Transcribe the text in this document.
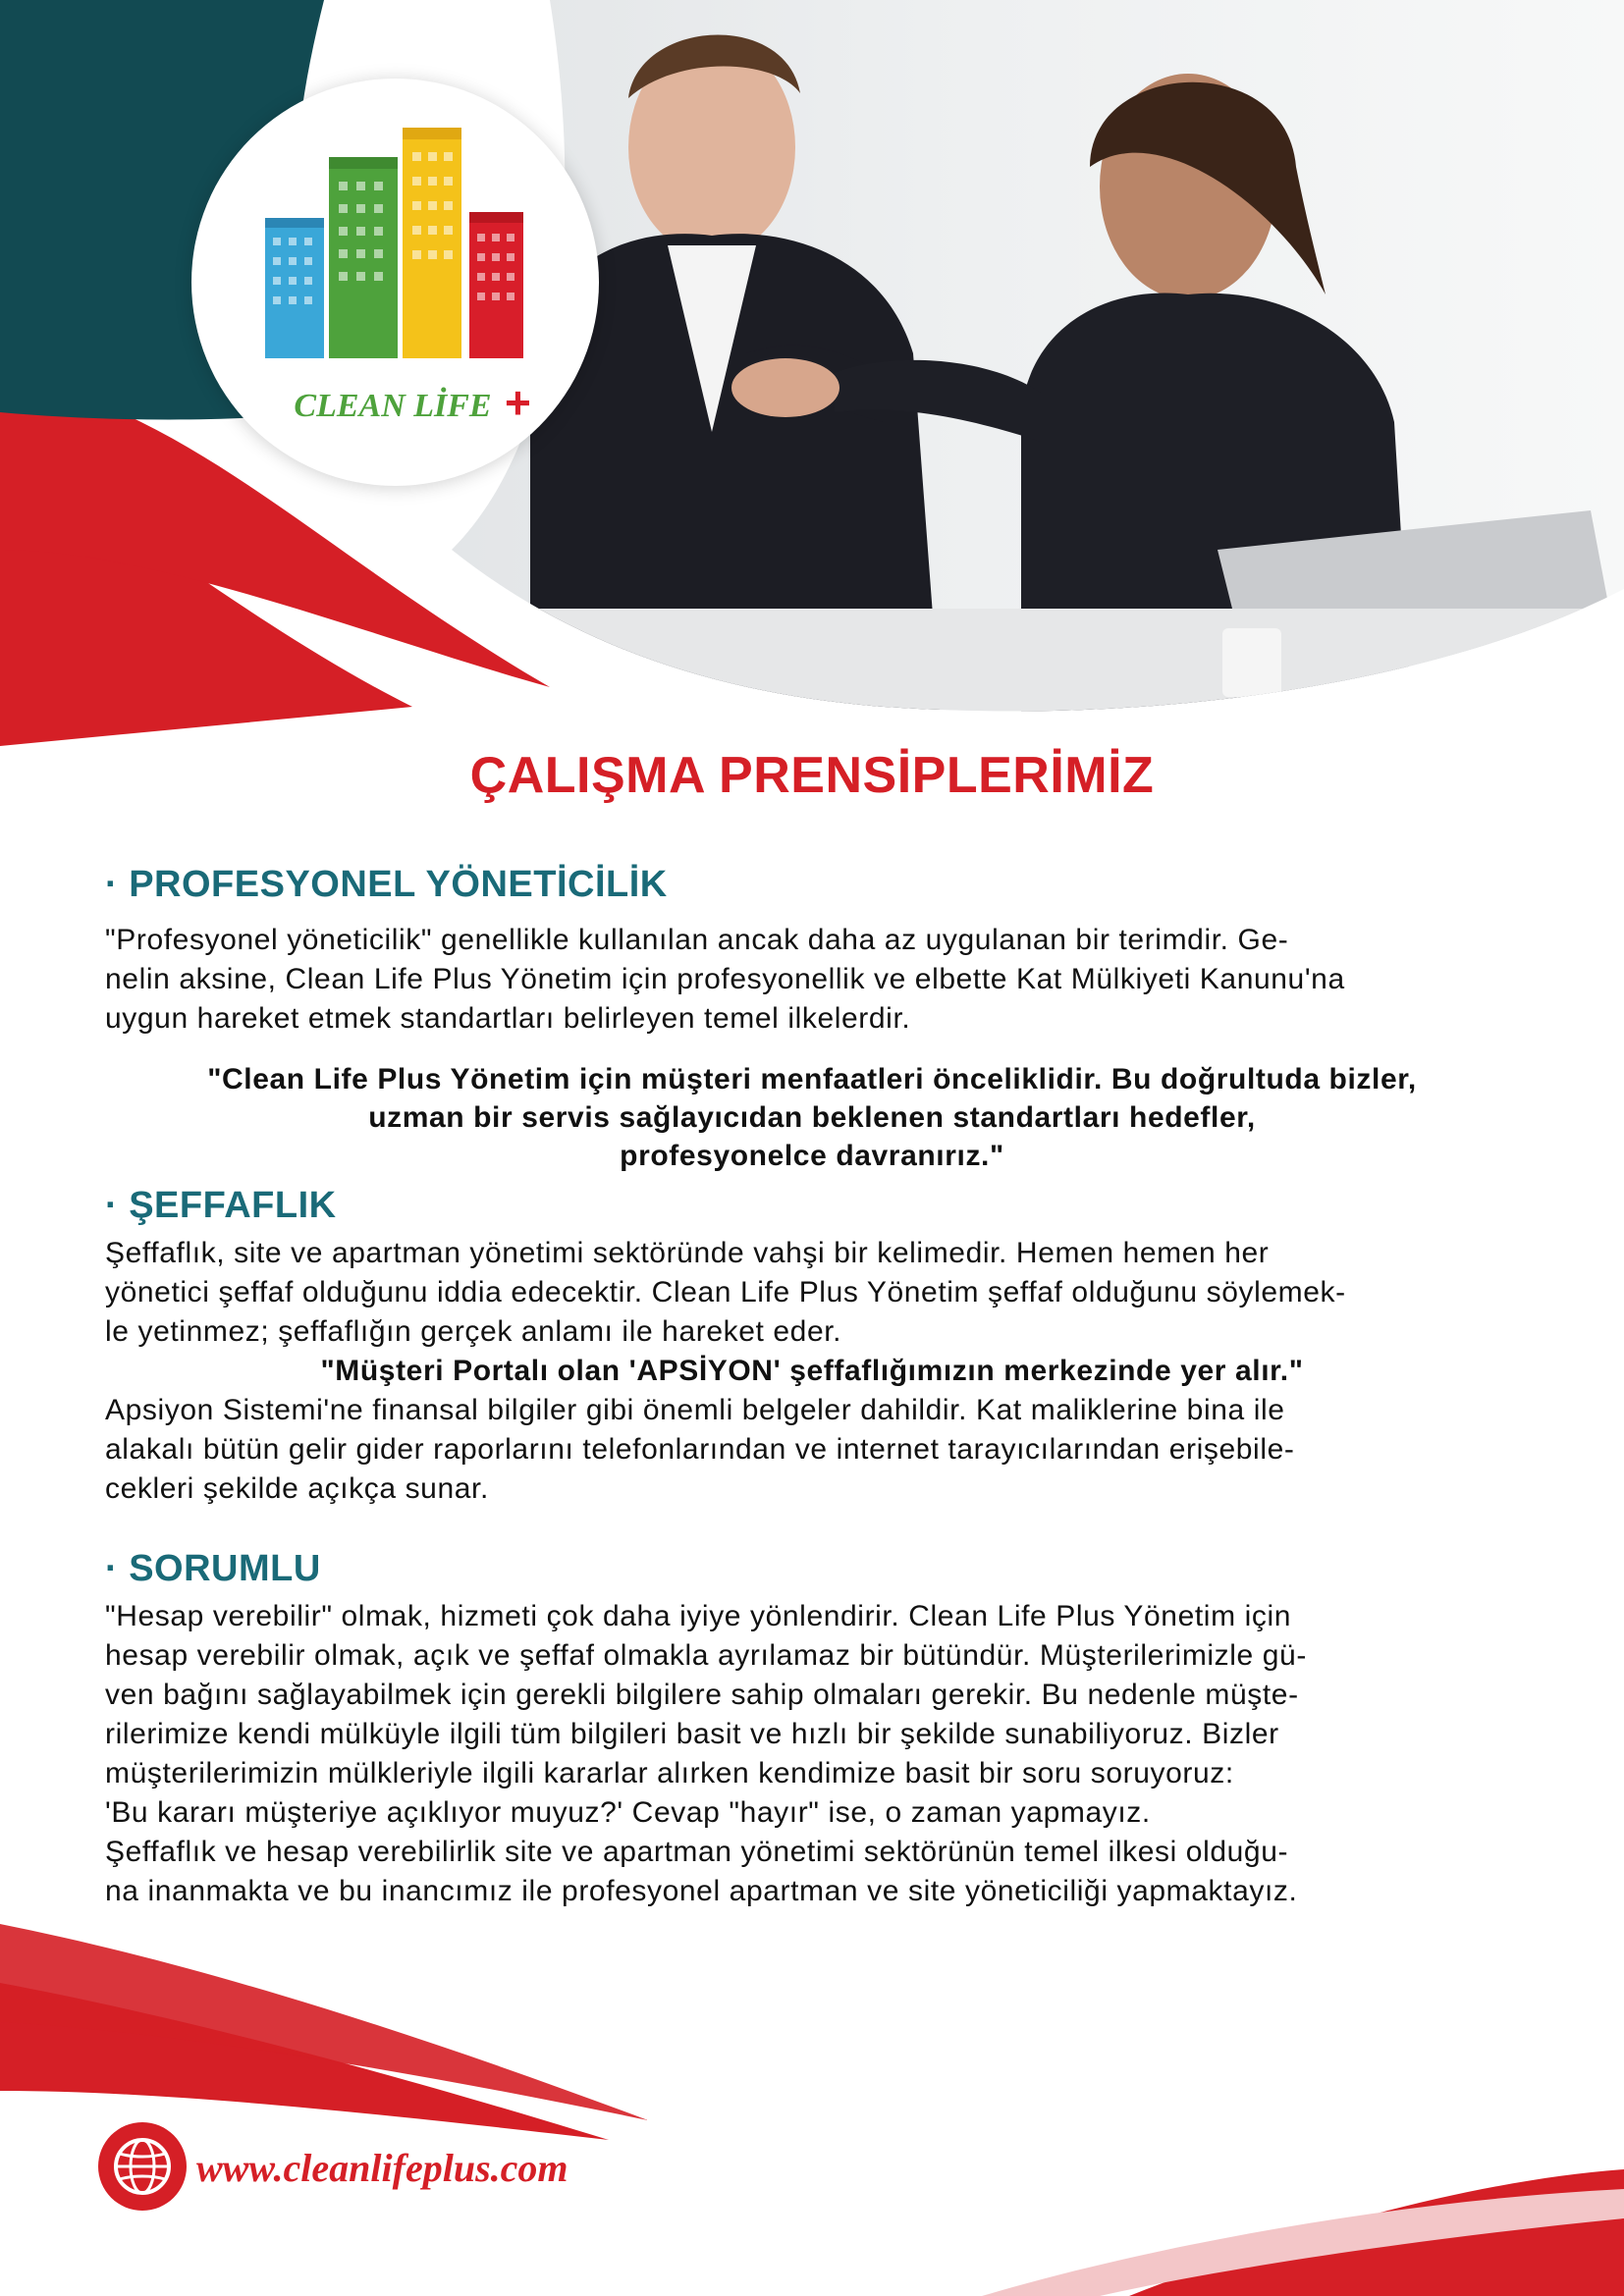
CLEAN LİFE +
ÇALIŞMA PRENSİPLERİMİZ
· PROFESYONEL YÖNETİCİLİK
"Profesyonel yöneticilik" genellikle kullanılan ancak daha az uygulanan bir terimdir. Ge-
nelin aksine, Clean Life Plus Yönetim için profesyonellik ve elbette Kat Mülkiyeti Kanunu'na
uygun hareket etmek standartları belirleyen temel ilkelerdir.
"Clean Life Plus Yönetim için müşteri menfaatleri önceliklidir. Bu doğrultuda bizler,
uzman bir servis sağlayıcıdan beklenen standartları hedefler,
profesyonelce davranırız."
· ŞEFFAFLIK
Şeffaflık, site ve apartman yönetimi sektöründe vahşi bir kelimedir. Hemen hemen her
yönetici şeffaf olduğunu iddia edecektir. Clean Life Plus Yönetim şeffaf olduğunu söylemek-
le yetinmez; şeffaflığın gerçek anlamı ile hareket eder.
"Müşteri Portalı olan 'APSİYON' şeffaflığımızın merkezinde yer alır."
Apsiyon Sistemi'ne finansal bilgiler gibi önemli belgeler dahildir. Kat maliklerine bina ile
alakalı bütün gelir gider raporlarını telefonlarından ve internet tarayıcılarından erişebile-
cekleri şekilde açıkça sunar.
· SORUMLU
"Hesap verebilir" olmak, hizmeti çok daha iyiye yönlendirir. Clean Life Plus Yönetim için
hesap verebilir olmak, açık ve şeffaf olmakla ayrılamaz bir bütündür. Müşterilerimizle gü-
ven bağını sağlayabilmek için gerekli bilgilere sahip olmaları gerekir. Bu nedenle müşte-
rilerimize kendi mülküyle ilgili tüm bilgileri basit ve hızlı bir şekilde sunabiliyoruz. Bizler
müşterilerimizin mülkleriyle ilgili kararlar alırken kendimize basit bir soru soruyoruz:
'Bu kararı müşteriye açıklıyor muyuz?' Cevap "hayır" ise, o zaman yapmayız.
Şeffaflık ve hesap verebilirlik site ve apartman yönetimi sektörünün temel ilkesi olduğu-
na inanmakta ve bu inancımız ile profesyonel apartman ve site yöneticiliği yapmaktayız.
www.cleanlifeplus.com
